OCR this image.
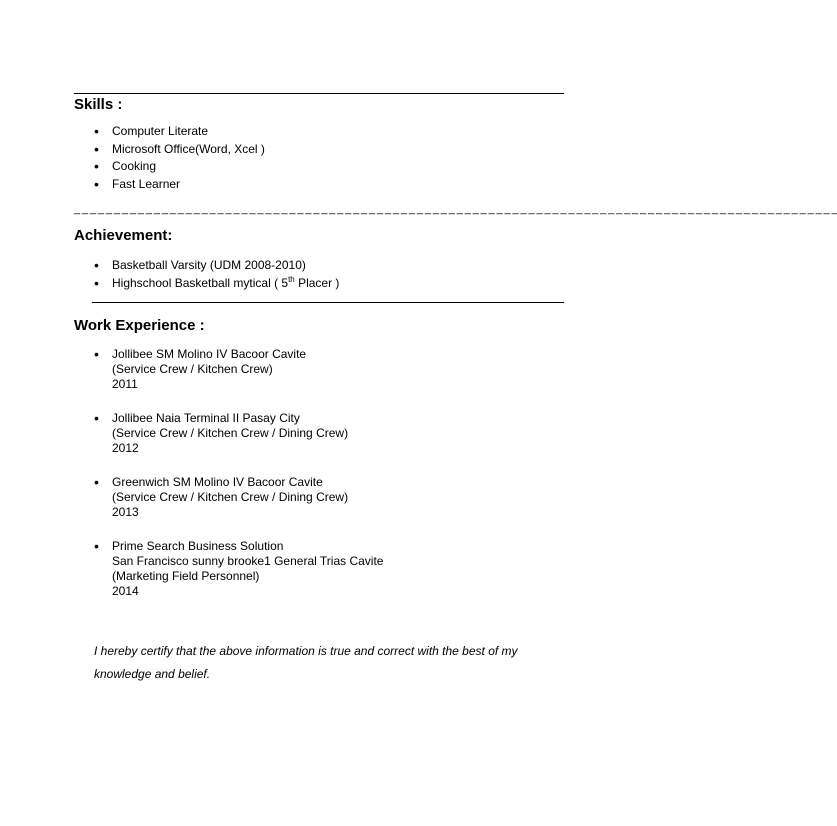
Skills :
• Computer Literate
• Microsoft Office(Word, Xcel )
• Cooking
• Fast Learner
_ _ _ _ _ _ _ _ _ _ _ _ _ _ _ _ _ _ _ _ _ _ _ _ _ _ _ _ _ _ _ _ _ _ _ _ _ _ _ _ _ _ _ _ _ _ _ _ _ _ _ _ _ _ _ _ _ _ _ _ _ _ _ _ _ _ _ _ _ _ _ _ _ _ _ _ _ _ _ _ _ _ _ _ _ _ _ _ _ _ _ _ _ _ _ _
Achievement:
• Basketball Varsity (UDM 2008-2010)
• Highschool Basketball mytical ( 5th Placer )
Work Experience :
• Jollibee SM Molino IV Bacoor Cavite
(Service Crew / Kitchen Crew)
2011
• Jollibee Naia Terminal II Pasay City
(Service Crew / Kitchen Crew / Dining Crew)
2012
• Greenwich SM Molino IV Bacoor Cavite
(Service Crew / Kitchen Crew / Dining Crew)
2013
• Prime Search Business Solution
San Francisco sunny brooke1 General Trias Cavite
(Marketing Field Personnel)
2014

I hereby certify that the above information is true and correct with the best of my knowledge and belief.
